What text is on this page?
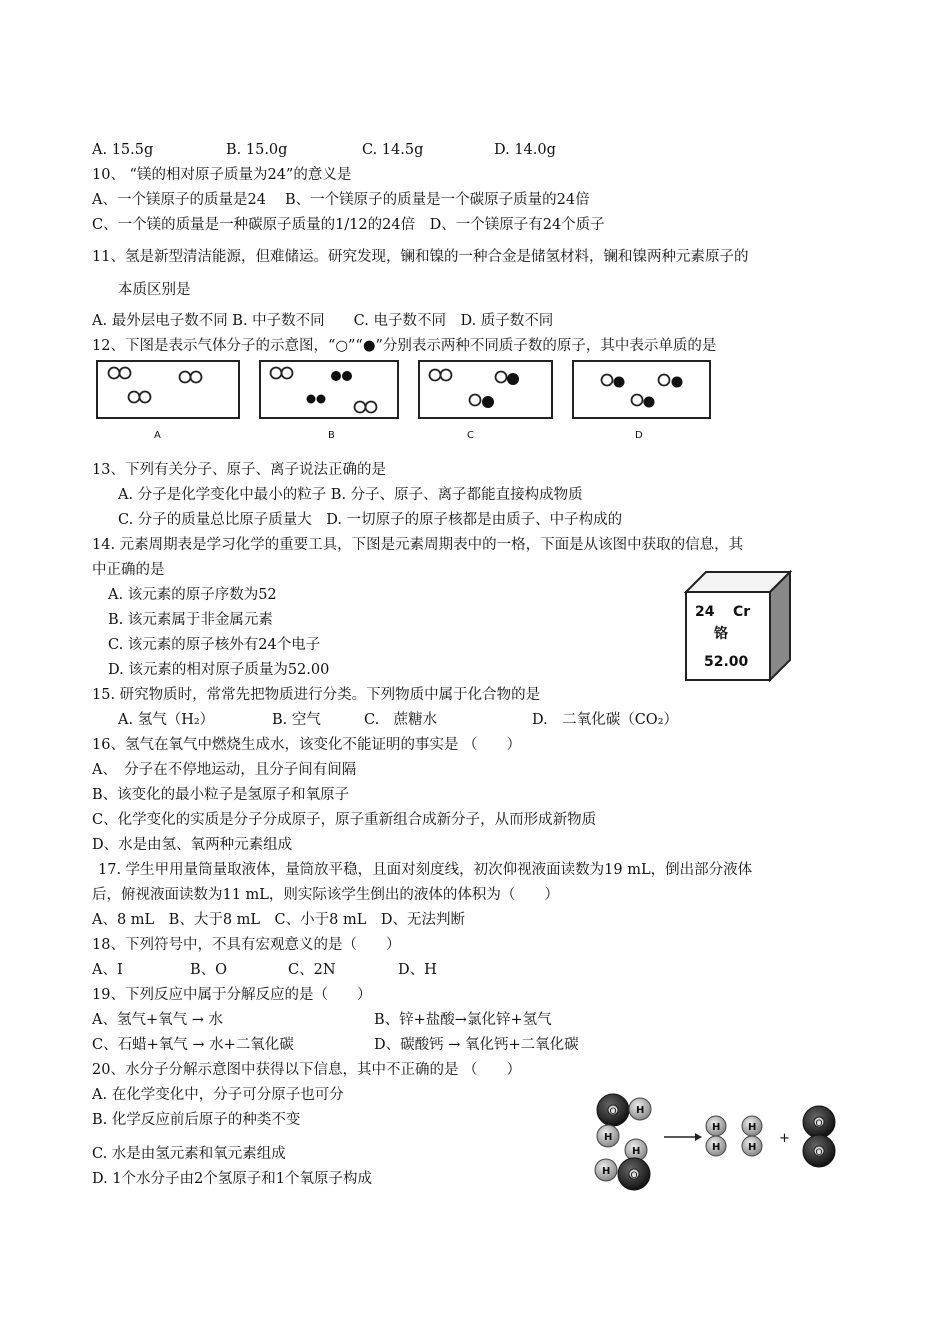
A. 15.5g	B. 15.0g	C. 14.5g	D. 14.0g
10、 “镁的相对原子质量为24”的意义是
A、一个镁原子的质量是24　 B、一个镁原子的质量是一个碳原子质量的24倍
C、一个镁的质量是一种碳原子质量的1/12的24倍　D、一个镁原子有24个质子
11、氢是新型清洁能源，但难储运。研究发现，镧和镍的一种合金是储氢材料，镧和镍两种元素原子的
本质区别是
A. 最外层电子数不同 B. 中子数不同　　C. 电子数不同　D. 质子数不同
12、下图是表示气体分子的示意图，“○”“●”分别表示两种不同质子数的原子，其中表示单质的是
A	B	C	D
13、下列有关分子、原子、离子说法正确的是
A. 分子是化学变化中最小的粒子 B. 分子、原子、离子都能直接构成物质
C. 分子的质量总比原子质量大　D. 一切原子的原子核都是由质子、中子构成的
14. 元素周期表是学习化学的重要工具，下图是元素周期表中的一格，下面是从该图中获取的信息，其
中正确的是
A. 该元素的原子序数为52
B. 该元素属于非金属元素
C. 该元素的原子核外有24个电子
D. 该元素的相对原子质量为52.00
24 Cr
铬
52.00
15. 研究物质时，常常先把物质进行分类。下列物质中属于化合物的是
A. 氢气（H₂）	B. 空气	C.　蔗糖水	D.　二氧化碳（CO₂）
16、氢气在氧气中燃烧生成水，该变化不能证明的事实是 （　　）
A、　分子在不停地运动，且分子间有间隔
B、该变化的最小粒子是氢原子和氧原子
C、化学变化的实质是分子分成原子，原子重新组合成新分子，从而形成新物质
D、水是由氢、氧两种元素组成
17. 学生甲用量筒量取液体，量筒放平稳，且面对刻度线，初次仰视液面读数为19 mL，倒出部分液体
后，俯视液面读数为11 mL，则实际该学生倒出的液体的体积为（　　）
A、8 mL　B、大于8 mL　C、小于8 mL　D、无法判断
18、下列符号中，不具有宏观意义的是（　　）
A、I	B、O	C、2N	D、H
19、下列反应中属于分解反应的是（　　）
A、氢气+氧气 → 水	B、锌+盐酸→氯化锌+氢气
C、石蜡+氧气 → 水+二氧化碳	D、碳酸钙 → 氧化钙+二氧化碳
20、水分子分解示意图中获得以下信息，其中不正确的是 （　　）
A. 在化学变化中，分子可分原子也可分
B. 化学反应前后原子的种类不变
C. 水是由氢元素和氧元素组成
D. 1个水分子由2个氢原子和1个氧原子构成
O H
H
H
H O
H
H
H
H
+
O
O
